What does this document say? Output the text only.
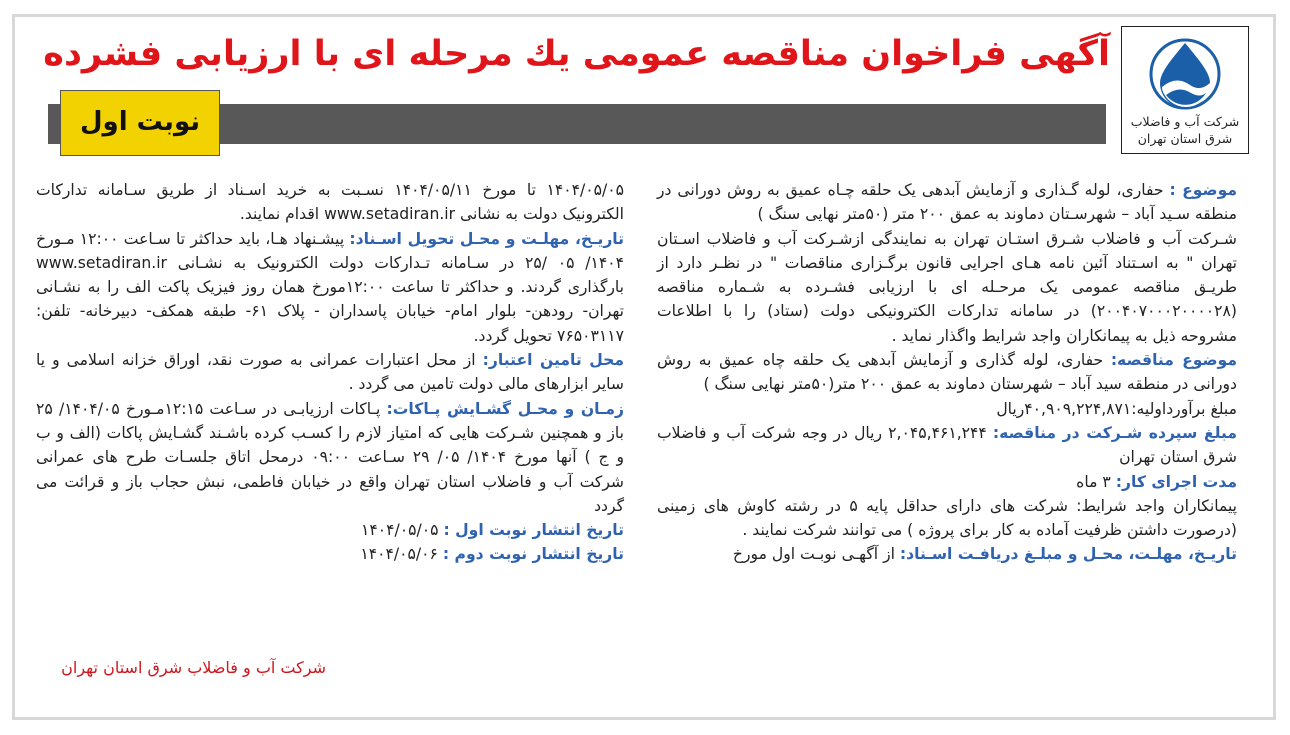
شرکت آب و فاضلاب
شرق استان تهران
آگهی فراخوان مناقصه عمومی یك مرحله ای با ارزیابی فشرده
نوبت اول

موضوع : حفاری، لوله گـذاری و آزمایش آبدهی یک حلقه چـاه عمیق به روش دورانی در منطقه سـید آباد – شهرسـتان دماوند به عمق ۲۰۰ متر (۵۰متر نهایی سنگ )

شـرکت آب و فاضلاب شـرق استـان تهران به نمایندگی ازشـرکت آب و فاضلاب اسـتان تهران " به اسـتناد آئین نامه هـای اجرایی قانون برگـزاری مناقصات " در نظـر دارد از طریـق مناقصه عمومی یک مرحـله ای با ارزیابی فشـرده به شـماره مناقصه (۲۰۰۴۰۷۰۰۰۲۰۰۰۰۲۸) در سامانه تدارکات الکترونیکی دولت (ستاد) را با اطلاعات مشروحه ذیل به پیمانکاران واجد شرایط واگذار نماید .

موضوع مناقصه: حفاری، لوله گذاری و آزمایش آبدهی یک حلقه چاه عمیق به روش دورانی در منطقه سید آباد – شهرستان دماوند به عمق ۲۰۰ متر(۵۰متر نهایی سنگ )

مبلغ برآورداولیه:۴۰,۹۰۹,۲۲۴,۸۷۱ریال

مبلغ سپرده شـرکت در مناقصه: ۲,۰۴۵,۴۶۱,۲۴۴ ریال در وجه شرکت آب و فاضلاب شرق استان تهران

مدت اجرای کار: ۳ ماه

پیمانکاران واجد شرایط: شرکت های دارای حداقل پایه ۵ در رشته کاوش های زمینی (درصورت داشتن ظرفیت آماده به کار برای پروژه ) می توانند شرکت نمایند .

تاریـخ، مهلـت، محـل و مبلـغ دریافـت اسـناد: از آگهـی نوبـت اول مورخ

۱۴۰۴/۰۵/۰۵ تا مورخ ۱۴۰۴/۰۵/۱۱ نسـبت به خرید اسـناد از طریق سـامانه تدارکات الکترونیک دولت به نشانی www.setadiran.ir اقدام نمایند.

تاریـخ، مهلـت و محـل تحویل اسـناد: پیشـنهاد هـا، باید حداکثر تا سـاعت ۱۲:۰۰ مـورخ ۱۴۰۴/ ۰۵ /۲۵ در سـامانه تـدارکات دولت الکترونیک به نشـانی www.setadiran.ir بارگذاری گردند. و حداکثر تا ساعت ۱۲:۰۰مورخ همان روز فیزیک پاکت الف را به نشـانی تهران- رودهن- بلوار امام- خیابان پاسداران - پلاک ۶۱- طبقه همکف- دبیرخانه- تلفن: ۷۶۵۰۳۱۱۷ تحویل گردد.

محل تامین اعتبار: از محل اعتبارات عمرانی به صورت نقد، اوراق خزانه اسلامی و یا سایر ابزارهای مالی دولت تامین می گردد .

زمـان و محـل گشـایش پـاکات: پـاکات ارزیابـی در سـاعت ۱۲:۱۵مـورخ ۱۴۰۴/۰۵/ ۲۵ باز و همچنین شـرکت هایی که امتیاز لازم را کسـب کرده باشـند گشـایش پاکات (الف و ب و ج ) آنها مورخ ۱۴۰۴/ ۰۵/ ۲۹ سـاعت ۰۹:۰۰ درمحل اتاق جلسـات طرح های عمرانی شرکت آب و فاضلاب استان تهران واقع در خیابان فاطمی، نبش حجاب باز و قرائت می گردد

تاریخ انتشار نوبت اول : ۱۴۰۴/۰۵/۰۵

تاریخ انتشار نوبت دوم : ۱۴۰۴/۰۵/۰۶

شرکت آب و فاضلاب شرق استان تهران
